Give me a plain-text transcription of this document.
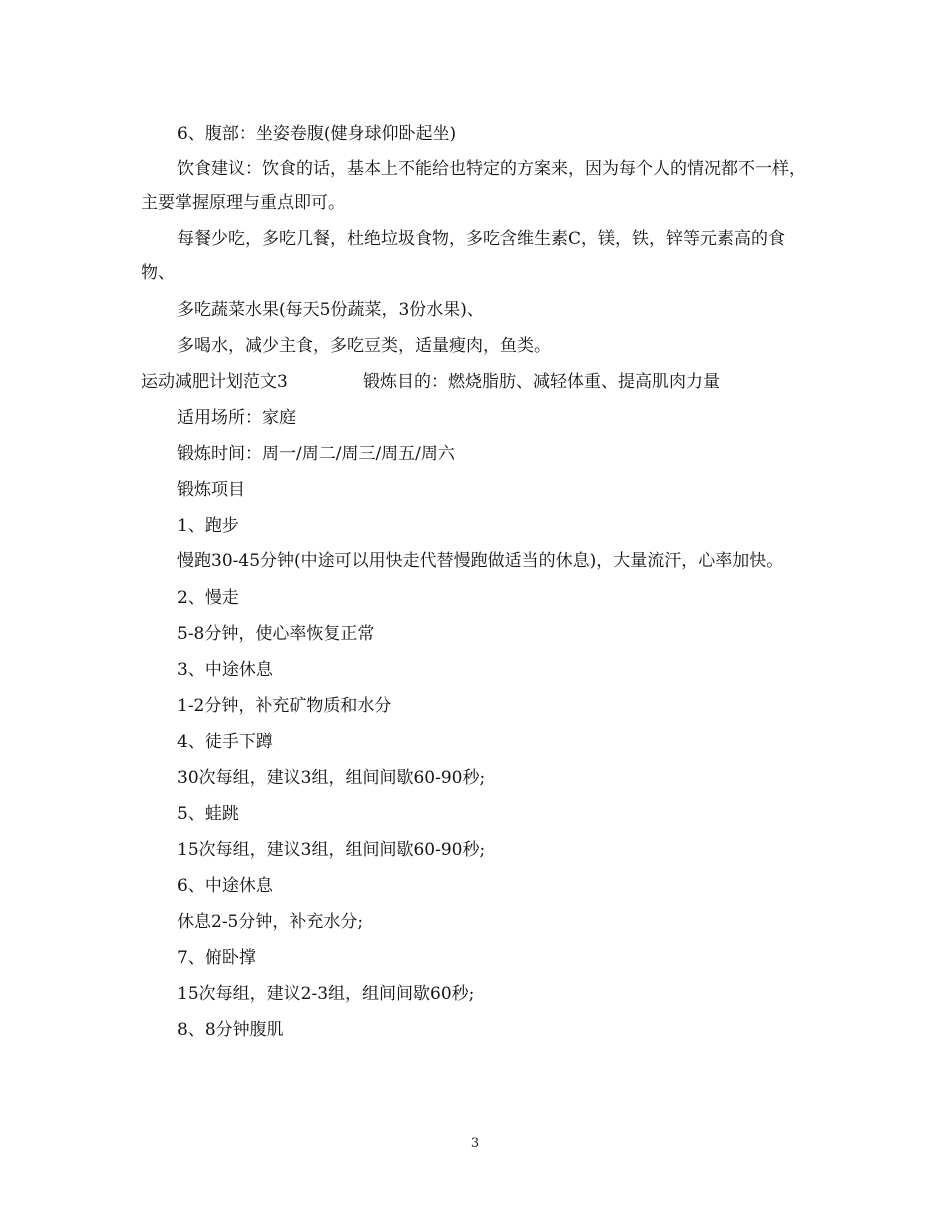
6、腹部：坐姿卷腹(健身球仰卧起坐)

饮食建议：饮食的话，基本上不能给也特定的方案来，因为每个人的情况都不一样，主要掌握原理与重点即可。

每餐少吃，多吃几餐，杜绝垃圾食物，多吃含维生素C，镁，铁，锌等元素高的食物、

多吃蔬菜水果(每天5份蔬菜，3份水果)、

多喝水，减少主食，多吃豆类，适量瘦肉，鱼类。

运动减肥计划范文3	锻炼目的：燃烧脂肪、减轻体重、提高肌肉力量

适用场所：家庭

锻炼时间：周一/周二/周三/周五/周六

锻炼项目

1、跑步

慢跑30-45分钟(中途可以用快走代替慢跑做适当的休息)，大量流汗，心率加快。

2、慢走

5-8分钟，使心率恢复正常

3、中途休息

1-2分钟，补充矿物质和水分

4、徒手下蹲

30次每组，建议3组，组间间歇60-90秒;

5、蛙跳

15次每组，建议3组，组间间歇60-90秒;

6、中途休息

休息2-5分钟，补充水分;

7、俯卧撑

15次每组，建议2-3组，组间间歇60秒;

8、8分钟腹肌

3
